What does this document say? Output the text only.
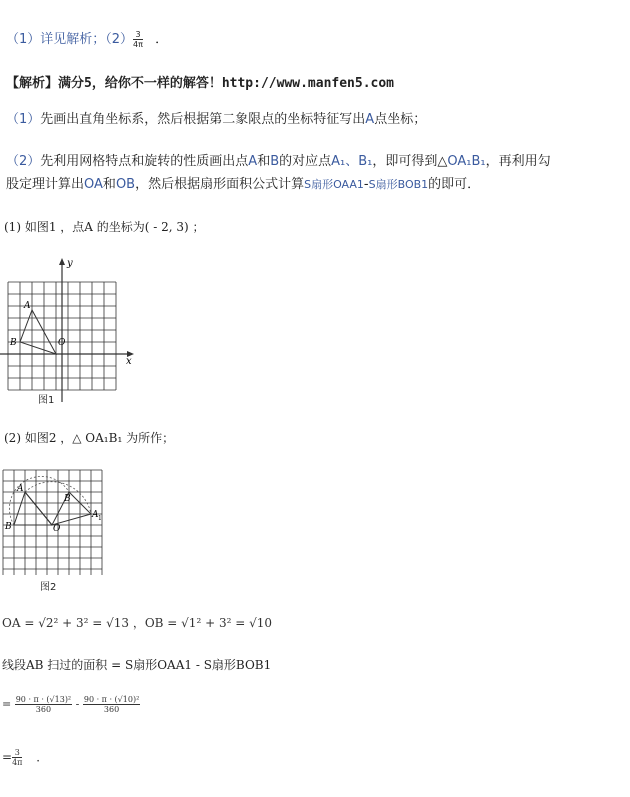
（1）详见解析；$(2) \frac{3}{4\pi}$ ．
【解析】满分5，给你不一样的解答！http://www.manfen5.com
（1）先画出直角坐标系，然后根据第二象限点的坐标特征写出A点坐标；
（2）先利用网格特点和旋转的性质画出点A和B的对应点A₁、B₁，即可得到△OA₁B₁，再利用勾
股定理计算出OA和OB，然后根据扇形面积公式计算S扇形OAA1-S扇形BOB1的即可．
(1) 如图1 ，点A 的坐标为( - 2, 3) ；
y
x
A
B	O
图1
(2) 如图2 ，△ OA₁B₁ 为所作；
A
B	O
B
A 1
图2
OA = √2² + 3² = √13 ，OB = √1² + 3² = √10
线段AB 扫过的面积 = S扇形OAA1 - S扇形BOB1
= $\frac{\text{90 · π · (√13)²}}{360} - \frac{\text{90 · π · (√10)²}}{360}$
= $\frac{3}{4\pi}$ ．
